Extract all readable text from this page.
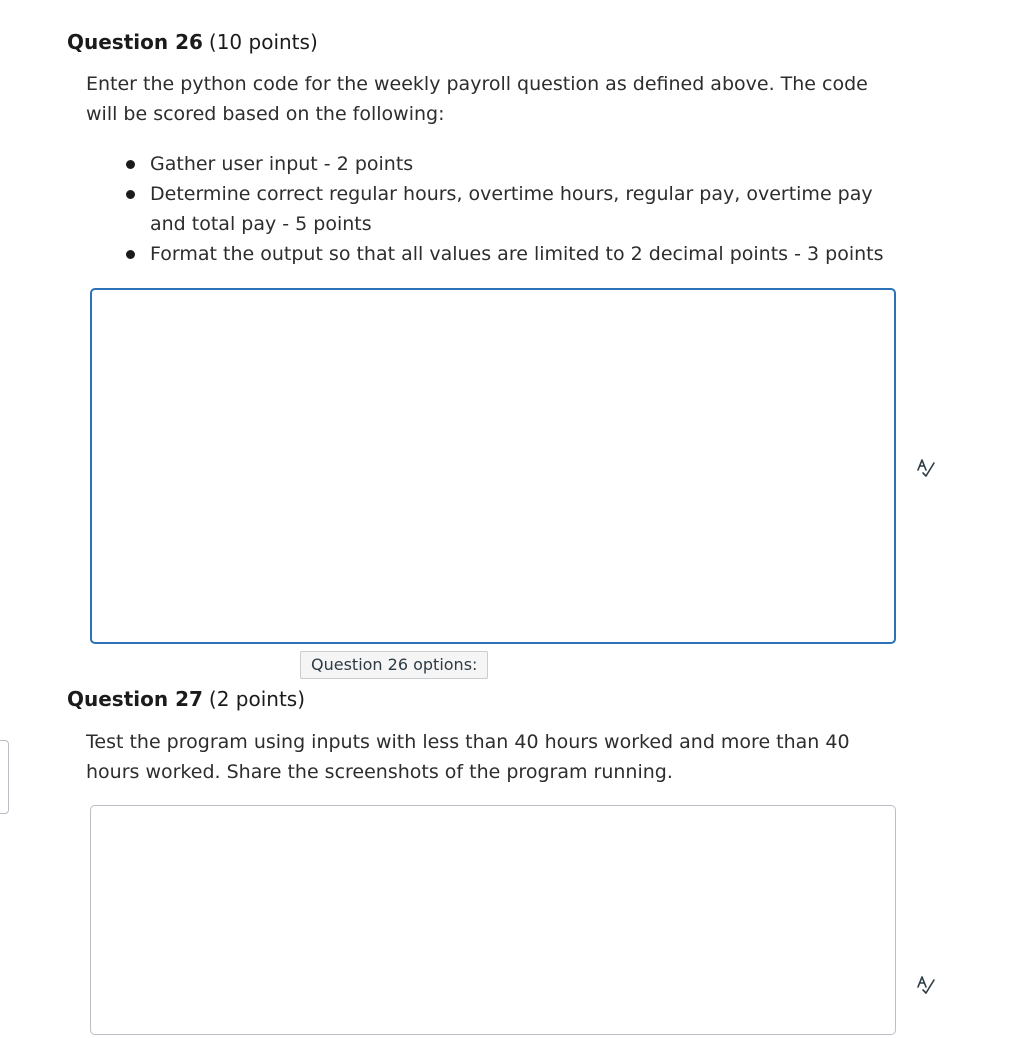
Question 26 (10 points)
Enter the python code for the weekly payroll question as defined above. The code will be scored based on the following:
Gather user input - 2 points
Determine correct regular hours, overtime hours, regular pay, overtime pay and total pay - 5 points
Format the output so that all values are limited to 2 decimal points - 3 points
Question 26 options:
Question 27 (2 points)
Test the program using inputs with less than 40 hours worked and more than 40 hours worked. Share the screenshots of the program running.
